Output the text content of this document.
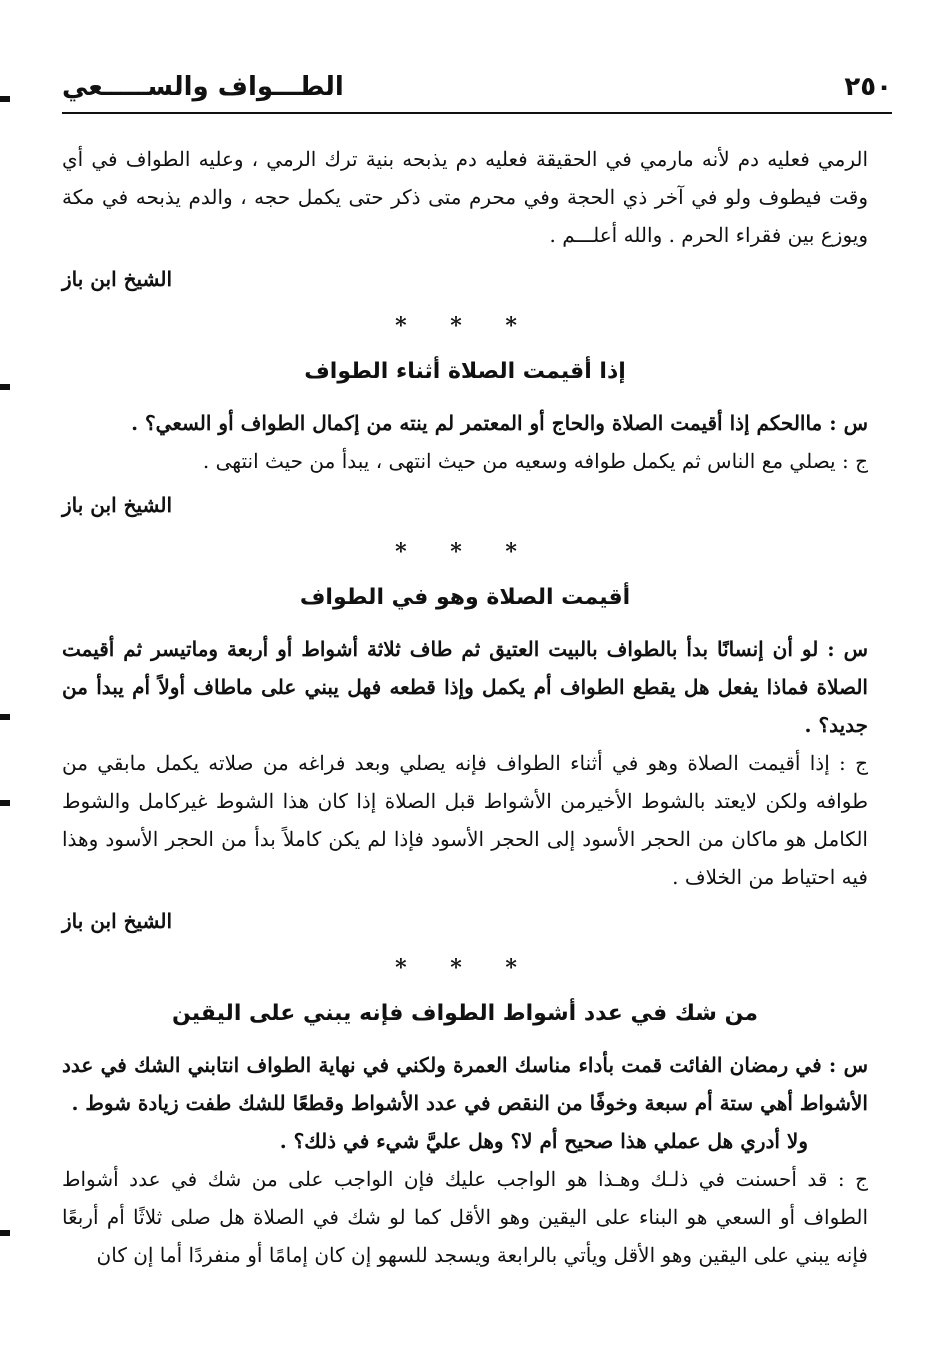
٢٥٠
الطـــواف والســـــعي

الرمي فعليه دم لأنه مارمي في الحقيقة فعليه دم يذبحه بنية ترك الرمي ، وعليه الطواف في أي وقت فيطوف ولو في آخر ذي الحجة وفي محرم متى ذكر حتى يكمل حجه ، والدم يذبحه في مكة ويوزع بين فقراء الحرم . والله أعلـــم .

الشيخ ابن باز
* * *
إذا أقيمت الصلاة أثناء الطواف

س : ماالحكم إذا أقيمت الصلاة والحاج أو المعتمر لم ينته من إكمال الطواف أو السعي؟ .

ج : يصلي مع الناس ثم يكمل طوافه وسعيه من حيث انتهى ، يبدأ من حيث انتهى .

الشيخ ابن باز
* * *
أقيمت الصلاة وهو في الطواف

س : لو أن إنسانًا بدأ بالطواف بالبيت العتيق ثم طاف ثلاثة أشواط أو أربعة وماتيسر ثم أقيمت الصلاة فماذا يفعل هل يقطع الطواف أم يكمل وإذا قطعه فهل يبني على ماطاف أولاً أم يبدأ من جديد؟ .

ج : إذا أقيمت الصلاة وهو في أثناء الطواف فإنه يصلي وبعد فراغه من صلاته يكمل مابقي من طوافه ولكن لايعتد بالشوط الأخيرمن الأشواط قبل الصلاة إذا كان هذا الشوط غيركامل والشوط الكامل هو ماكان من الحجر الأسود إلى الحجر الأسود فإذا لم يكن كاملاً بدأ من الحجر الأسود وهذا فيه احتياط من الخلاف .

الشيخ ابن باز
* * *
من شك في عدد أشواط الطواف فإنه يبني على اليقين

س : في رمضان الفائت قمت بأداء مناسك العمرة ولكني في نهاية الطواف انتابني الشك في عدد الأشواط أهي ستة أم سبعة وخوفًا من النقص في عدد الأشواط وقطعًا للشك طفت زيادة شوط .

ولا أدري هل عملي هذا صحيح أم لا؟ وهل عليَّ شيء في ذلك؟ .

ج : قد أحسنت في ذلـك وهـذا هو الواجب عليك فإن الواجب على من شك في عدد أشواط الطواف أو السعي هو البناء على اليقين وهو الأقل كما لو شك في الصلاة هل صلى ثلاثًا أم أربعًا فإنه يبني على اليقين وهو الأقل ويأتي بالرابعة ويسجد للسهو إن كان إمامًا أو منفردًا أما إن كان
